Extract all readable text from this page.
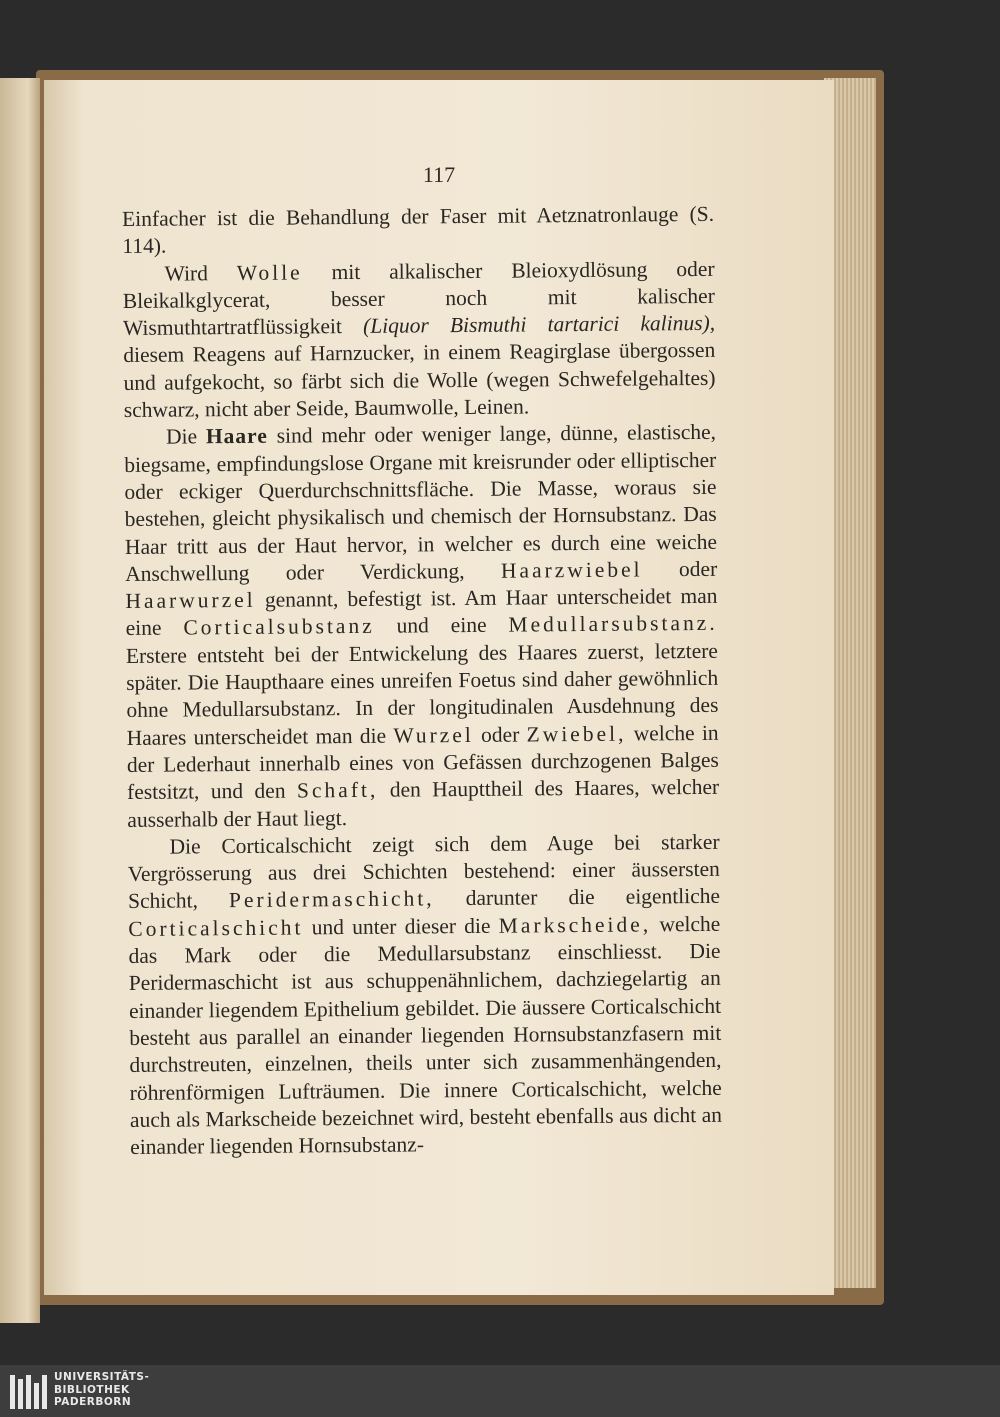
117

Einfacher ist die Behandlung der Faser mit Aetznatronlauge (S. 114).

Wird Wolle mit alkalischer Bleioxydlösung oder Bleikalkglycerat, besser noch mit kalischer Wismuthtartratflüssigkeit (Liquor Bismuthi tartarici kalinus), diesem Reagens auf Harnzucker, in einem Reagirglase übergossen und aufgekocht, so färbt sich die Wolle (wegen Schwefelgehaltes) schwarz, nicht aber Seide, Baumwolle, Leinen.

Die Haare sind mehr oder weniger lange, dünne, elastische, biegsame, empfindungslose Organe mit kreisrunder oder elliptischer oder eckiger Querdurchschnittsfläche. Die Masse, woraus sie bestehen, gleicht physikalisch und chemisch der Hornsubstanz. Das Haar tritt aus der Haut hervor, in welcher es durch eine weiche Anschwellung oder Verdickung, Haarzwiebel oder Haarwurzel genannt, befestigt ist. Am Haar unterscheidet man eine Corticalsubstanz und eine Medullarsubstanz. Erstere entsteht bei der Entwickelung des Haares zuerst, letztere später. Die Haupthaare eines unreifen Foetus sind daher gewöhnlich ohne Medullarsubstanz. In der longitudinalen Ausdehnung des Haares unterscheidet man die Wurzel oder Zwiebel, welche in der Lederhaut innerhalb eines von Gefässen durchzogenen Balges festsitzt, und den Schaft, den Haupttheil des Haares, welcher ausserhalb der Haut liegt.

Die Corticalschicht zeigt sich dem Auge bei starker Vergrösserung aus drei Schichten bestehend: einer äussersten Schicht, Peridermaschicht, darunter die eigentliche Corticalschicht und unter dieser die Markscheide, welche das Mark oder die Medullarsubstanz einschliesst. Die Peridermaschicht ist aus schuppenähnlichem, dachziegelartig an einander liegendem Epithelium gebildet. Die äussere Corticalschicht besteht aus parallel an einander liegenden Hornsubstanzfasern mit durchstreuten, einzelnen, theils unter sich zusammenhängenden, röhrenförmigen Lufträumen. Die innere Corticalschicht, welche auch als Markscheide bezeichnet wird, besteht ebenfalls aus dicht an einander liegenden Hornsubstanz-

UNIVERSITÄTS-
BIBLIOTHEK
PADERBORN
